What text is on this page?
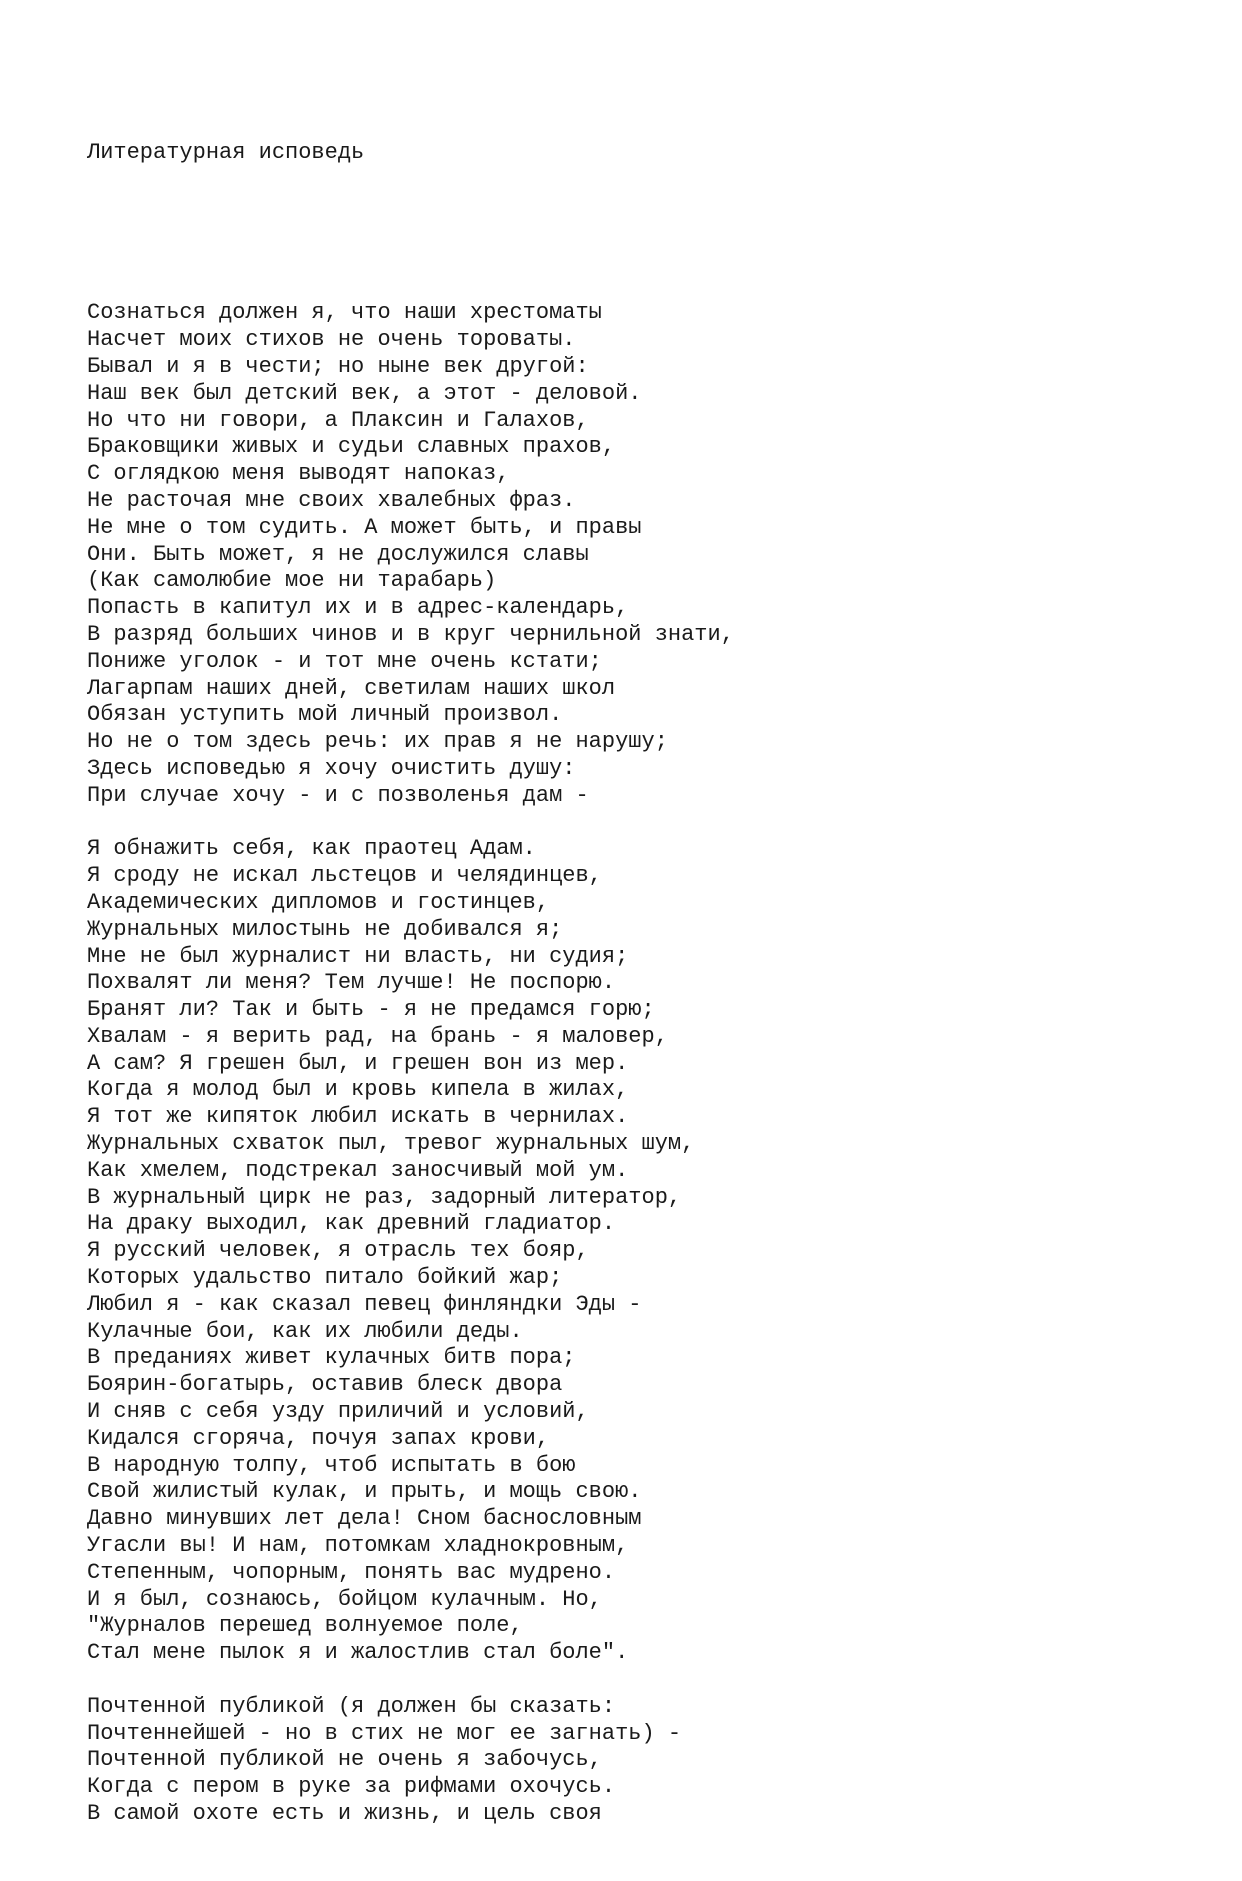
Литературная исповедь

Сознаться должен я, что наши хрестоматы
Насчет моих стихов не очень тороваты.
Бывал и я в чести; но ныне век другой:
Наш век был детский век, а этот - деловой.
Но что ни говори, а Плаксин и Галахов,
Браковщики живых и судьи славных прахов,
С оглядкою меня выводят напоказ,
Не расточая мне своих хвалебных фраз.
Не мне о том судить. А может быть, и правы
Они. Быть может, я не дослужился славы
(Как самолюбие мое ни тарабарь)
Попасть в капитул их и в адрес-календарь,
В разряд больших чинов и в круг чернильной знати,
Пониже уголок - и тот мне очень кстати;
Лагарпам наших дней, светилам наших школ
Обязан уступить мой личный произвол.
Но не о том здесь речь: их прав я не нарушу;
Здесь исповедью я хочу очистить душу:
При случае хочу - и с позволенья дам -
Я обнажить себя, как праотец Адам.
Я сроду не искал льстецов и челядинцев,
Академических дипломов и гостинцев,
Журнальных милостынь не добивался я;
Мне не был журналист ни власть, ни судия;
Похвалят ли меня? Тем лучше! Не поспорю.
Бранят ли? Так и быть - я не предамся горю;
Хвалам - я верить рад, на брань - я маловер,
А сам? Я грешен был, и грешен вон из мер.
Когда я молод был и кровь кипела в жилах,
Я тот же кипяток любил искать в чернилах.
Журнальных схваток пыл, тревог журнальных шум,
Как хмелем, подстрекал заносчивый мой ум.
В журнальный цирк не раз, задорный литератор,
На драку выходил, как древний гладиатор.
Я русский человек, я отрасль тех бояр,
Которых удальство питало бойкий жар;
Любил я - как сказал певец финляндки Эды -
Кулачные бои, как их любили деды.
В преданиях живет кулачных битв пора;
Боярин-богатырь, оставив блеск двора
И сняв с себя узду приличий и условий,
Кидался сгоряча, почуя запах крови,
В народную толпу, чтоб испытать в бою
Свой жилистый кулак, и прыть, и мощь свою.
Давно минувших лет дела! Сном баснословным
Угасли вы! И нам, потомкам хладнокровным,
Степенным, чопорным, понять вас мудрено.
И я был, сознаюсь, бойцом кулачным. Но,
"Журналов перешед волнуемое поле,
Стал мене пылок я и жалостлив стал боле".
Почтенной публикой (я должен бы сказать:
Почтеннейшей - но в стих не мог ее загнать) -
Почтенной публикой не очень я забочусь,
Когда с пером в руке за рифмами охочусь.
В самой охоте есть и жизнь, и цель своя
